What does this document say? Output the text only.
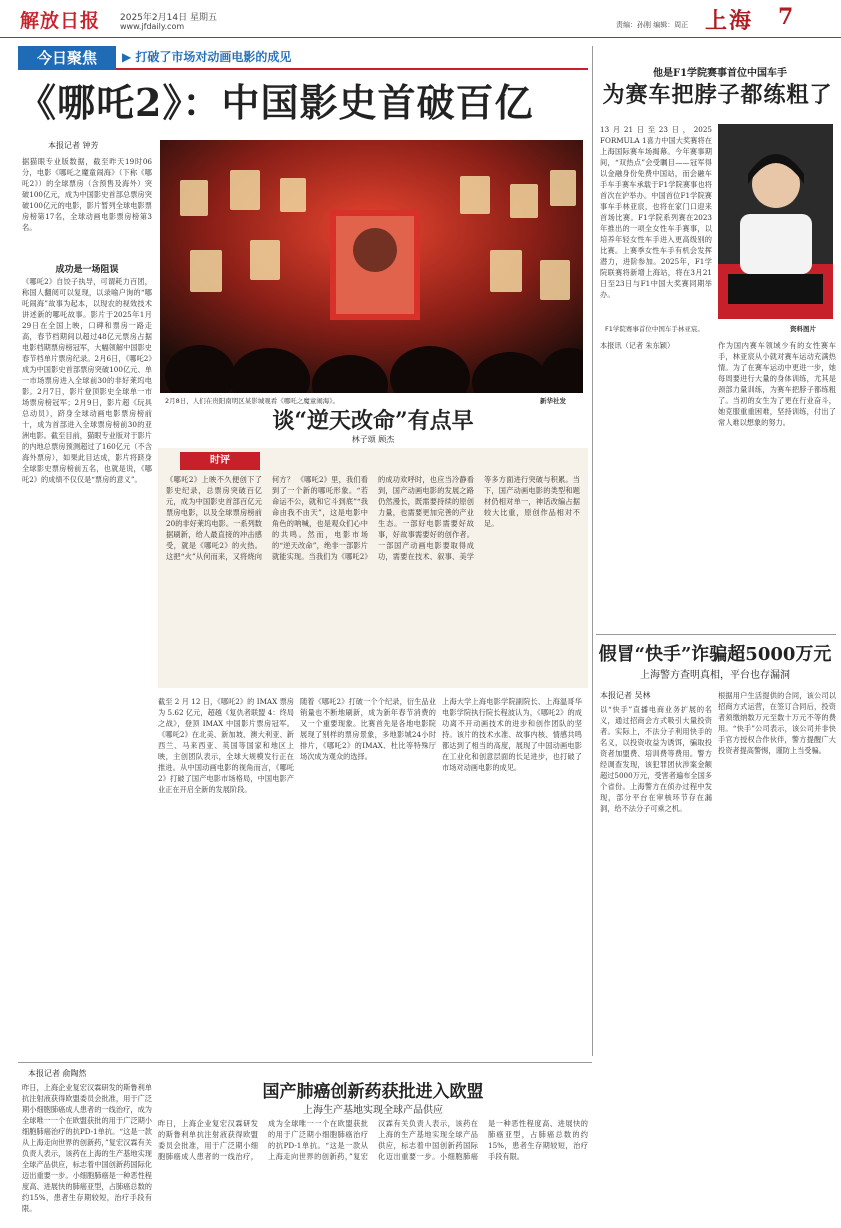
解放日报 2025年2月14日 星期五
www.jfdaily.com	责编：孙刚 编辑：周正 上海 7
今日聚焦	▶ 打破了市场对动画电影的成见
《哪吒2》：中国影史首破百亿
本报记者 钟芳
据猫眼专业版数据，截至昨天19时06分，电影《哪吒之魔童闹海》（下称《哪吒2》）的全球票房（含预售及海外）突破100亿元，成为中国影史首部总票房突破100亿元的电影，影片暂列全球电影票房榜第17名，全球动画电影票房榜第3名。
成功是一场阻误
《哪吒2》自饺子执导，可谓耗力百团，称国人翻阅可以复现，以录喻户询的“哪吒闹海”故事为起本，以现农的视效技术讲述新的哪吒故事。影片于2025年1月29日在全国上映，口碑和票房一路走高，春节档期间以超过48亿元票房占据电影档期票房榜冠军，大幅领解中国影史春节档单片票房纪录。2月6日，《哪吒2》成为中国影史首部票房突破100亿元、单一市场票房进入全球前30的非好莱坞电影。2月7日，影片登顶影史全球单一市场票房榜冠军；2月9日，影片超《玩具总动员》，跻身全球动画电影票房榜前十，成为首部进入全球票房榜前30的亚洲电影。截至目前，猫眼专业版对于影片的内地总票房预测超过了160亿元（不含海外票房），如果此目达成，影片将跻身全球影史票房榜前五名，也就是说，《哪吒2》的成绩不仅仅是“票房的意义”。
2月8日，人们在贵阳南明区某影城观看《哪吒之魔童闹海》。	新华社发
谈“逆天改命”有点早
林子颂 顾杰
时评
《哪吒2》上映不久便创下了影史纪录，总票房突破百亿元，成为中国影史首部百亿元票房电影，以及全球票房榜前20的非好莱坞电影。一系列数据刷新，给人最直接的冲击感受，就是《哪吒2》的火热。这把“火”从何而来，又将烧向何方？ 《哪吒2》里，我们看到了一个新的哪吒形象。“若命运不公，就和它斗到底”“我命由我不由天”，这是电影中角色的呐喊，也是观众们心中的共鸣。然而，电影市场的“逆天改命”，绝非一部影片就能实现。当我们为《哪吒2》的成功欢呼时，也应当冷静看到，国产动画电影的发展之路仍然漫长，既需要持续的原创力量，也需要更加完善的产业生态。一部好电影需要好故事，好故事需要好的创作者。一部国产动画电影要取得成功，需要在技术、叙事、美学等多方面进行突破与积累。当下，国产动画电影的类型和题材仍相对单一，神话改编占据较大比重，原创作品相对不足。
截至 2 月 12 日，《哪吒2》的 IMAX 票房为 5.62 亿元，超越《复仇者联盟 4：终局之战》，登顶 IMAX 中国影片票房冠军。《哪吒2》在北美、新加坡、澳大利亚、新西兰、马来西亚、英国等国家和地区上映，主创团队表示，全球大规模发行正在推进。从中国动画电影的视角而言，《哪吒2》打破了国产电影市场格局，中国电影产业正在开启全新的发展阶段。
随着《哪吒2》打破一个个纪录，衍生品业销量也不断地刷新，成为新年春节消费的又一个重要现象。比赛首先是各地电影院展现了别样的票房景象，多地影城24小时排片，《哪吒2》的IMAX、杜比等特殊厅场次成为观众的选择。
上海大学上海电影学院副院长、上海温哥华电影学院执行院长程波认为，《哪吒2》的成功离不开动画技术的进步和创作团队的坚持。该片的技术水准、故事内核、情感共鸣都达到了相当的高度，展现了中国动画电影在工业化和创意层面的长足进步，也打破了市场对动画电影的成见。
他是F1学院赛事首位中国车手
为赛车把脖子都练粗了
13月21日至23日，2025 FORMULA 1喜力中国大奖赛将在上海国际赛车场揭幕。今年赛事期间，“双热点”会受瞩目——冠军得以金融身份免费中国站，而会融车手车手赛车承载于F1学院赛事也将首次在沪举办。中国首位F1学院赛事车手林亚宸，也将在家门口迎来首场比赛。F1学院系列赛在2023年推出的一项全女性车手赛事，以培养年轻女性车手进入更高级别的比赛。上赛季女性车手有机会发挥潜力，进阶参加。2025年，F1学院联赛将新增上海站，将在3月21日至23日与F1中国大奖赛同期举办。
F1学院赛事首位中国车手林亚宸。	资料图片
本报讯（记者 朱东颖）	作为国内赛车领域少有的女性赛车手，林亚宸从小就对赛车运动充满热情。为了在赛车运动中更进一步，她每周要进行大量的身体训练，尤其是颈部力量训练，为赛车把脖子都练粗了。当初的女生为了更在行业奋斗，她克服重重困难，坚持训练，付出了常人难以想象的努力。
假冒“快手”诈骗超5000万元
上海警方查明真相，平台也存漏洞
本报记者 吴林
以“快手”直播电商业务扩展的名义，通过招商会方式吸引大量投资者。实际上，不法分子利用快手的名义，以投资收益为诱饵，骗取投资者加盟费、培训费等费用。警方经调查发现，该犯罪团伙涉案金额超过5000万元，受害者遍布全国多个省份。上海警方在侦办过程中发现，部分平台在审核环节存在漏洞，给不法分子可乘之机。
根据用户生活提供的合同，该公司以招商方式运营，在签订合同后，投资者须缴纳数万元至数十万元不等的费用。“快手”公司表示，该公司并非快手官方授权合作伙伴，警方提醒广大投资者提高警惕，谨防上当受骗。
国产肺癌创新药获批进入欧盟
上海生产基地实现全球产品供应
本报记者 俞陶然
昨日，上海企业复宏汉霖研发的斯鲁利单抗注射液获得欧盟委员会批准，用于广泛期小细胞肺癌成人患者的一线治疗，成为全球唯一一个在欧盟获批的用于广泛期小细胞肺癌治疗的抗PD-1单抗。“这是一款从上海走向世界的创新药，”复宏汉霖有关负责人表示，该药在上海的生产基地实现全球产品供应，标志着中国创新药国际化迈出重要一步。小细胞肺癌是一种恶性程度高、进展快的肺癌亚型，占肺癌总数的约15%，患者生存期较短，治疗手段有限。
昨日，上海企业复宏汉霖研发的斯鲁利单抗注射液获得欧盟委员会批准，用于广泛期小细胞肺癌成人患者的一线治疗，成为全球唯一一个在欧盟获批的用于广泛期小细胞肺癌治疗的抗PD-1单抗。“这是一款从上海走向世界的创新药，”复宏汉霖有关负责人表示，该药在上海的生产基地实现全球产品供应，标志着中国创新药国际化迈出重要一步。小细胞肺癌是一种恶性程度高、进展快的肺癌亚型，占肺癌总数的约15%，患者生存期较短，治疗手段有限。
